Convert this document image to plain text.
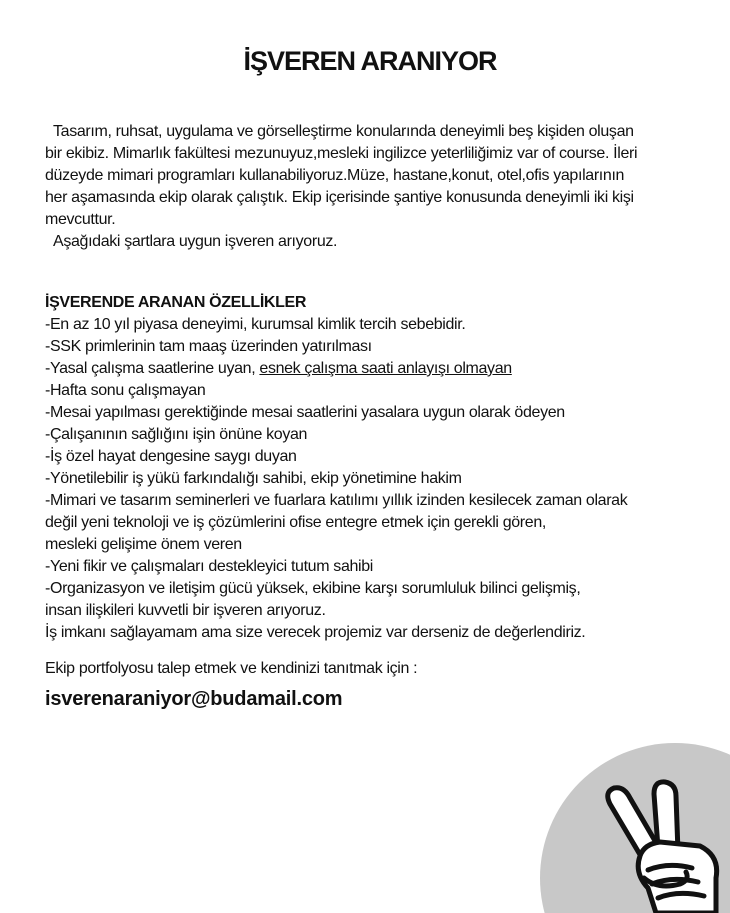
İŞVEREN ARANIYOR

Tasarım, ruhsat, uygulama ve görselleştirme konularında deneyimli beş kişiden oluşan

bir ekibiz. Mimarlık fakültesi mezunuyuz,mesleki ingilizce yeterliliğimiz var of course. İleri

düzeyde mimari programları kullanabiliyoruz.Müze, hastane,konut, otel,ofis yapılarının

her aşamasında ekip olarak çalıştık. Ekip içerisinde şantiye konusunda deneyimli iki kişi

mevcuttur.

Aşağıdaki şartlara uygun işveren arıyoruz.

İŞVERENDE ARANAN ÖZELLİKLER

-En az 10 yıl piyasa deneyimi, kurumsal kimlik tercih sebebidir.

-SSK primlerinin tam maaş üzerinden yatırılması

-Yasal çalışma saatlerine uyan, esnek çalışma saati anlayışı olmayan

-Hafta sonu çalışmayan

-Mesai yapılması gerektiğinde mesai saatlerini yasalara uygun olarak ödeyen

-Çalışanının sağlığını işin önüne koyan

-İş özel hayat dengesine saygı duyan

-Yönetilebilir iş yükü farkındalığı sahibi, ekip yönetimine hakim

-Mimari ve tasarım seminerleri ve fuarlara katılımı yıllık izinden kesilecek zaman olarak

değil yeni teknoloji ve iş çözümlerini ofise entegre etmek için gerekli gören,

mesleki gelişime önem veren

-Yeni fikir ve çalışmaları destekleyici tutum sahibi

-Organizasyon ve iletişim gücü yüksek, ekibine karşı sorumluluk bilinci gelişmiş,

insan ilişkileri kuvvetli bir işveren arıyoruz.

İş imkanı sağlayamam ama size verecek projemiz var derseniz de değerlendiriz.

Ekip portfolyosu talep etmek ve kendinizi tanıtmak için :

isverenaraniyor@budamail.com
